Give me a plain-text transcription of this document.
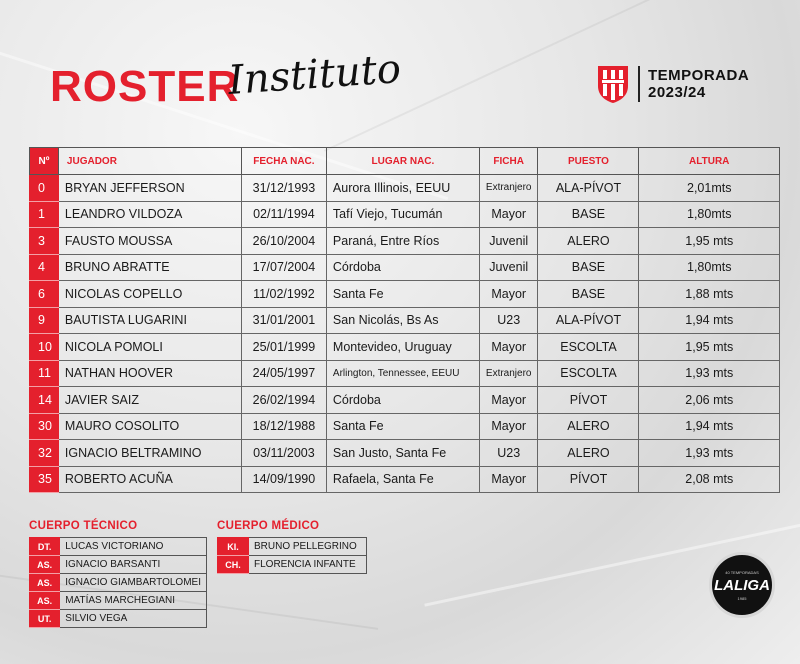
ROSTER
Instituto	TEMPORADA
2023/24
Nº	JUGADOR	FECHA NAC.	LUGAR NAC.	FICHA	PUESTO	ALTURA
0	BRYAN JEFFERSON	31/12/1993	Aurora Illinois, EEUU	Extranjero	ALA-PÍVOT	2,01mts
1	LEANDRO VILDOZA	02/11/1994	Tafí Viejo, Tucumán	Mayor	BASE	1,80mts
3	FAUSTO MOUSSA	26/10/2004	Paraná, Entre Ríos	Juvenil	ALERO	1,95 mts
4	BRUNO ABRATTE	17/07/2004	Córdoba	Juvenil	BASE	1,80mts
6	NICOLAS COPELLO	11/02/1992	Santa Fe	Mayor	BASE	1,88 mts
9	BAUTISTA LUGARINI	31/01/2001	San Nicolás, Bs As	U23	ALA-PÍVOT	1,94 mts
10	NICOLA POMOLI	25/01/1999	Montevideo, Uruguay	Mayor	ESCOLTA	1,95 mts
11	NATHAN HOOVER	24/05/1997	Arlington, Tennessee, EEUU	Extranjero	ESCOLTA	1,93 mts
14	JAVIER SAIZ	26/02/1994	Córdoba	Mayor	PÍVOT	2,06 mts
30	MAURO COSOLITO	18/12/1988	Santa Fe	Mayor	ALERO	1,94 mts
32	IGNACIO BELTRAMINO	03/11/2003	San Justo, Santa Fe	U23	ALERO	1,93 mts
35	ROBERTO ACUÑA	14/09/1990	Rafaela, Santa Fe	Mayor	PÍVOT	2,08 mts
CUERPO TÉCNICO
DT.	LUCAS VICTORIANO
AS.	IGNACIO BARSANTI
AS.	IGNACIO GIAMBARTOLOMEI
AS.	MATÍAS MARCHEGIANI
UT.	SILVIO VEGA
CUERPO MÉDICO
KI.	BRUNO PELLEGRINO
CH.	FLORENCIA INFANTE
40 TEMPORADAS
LALIGA
1985
